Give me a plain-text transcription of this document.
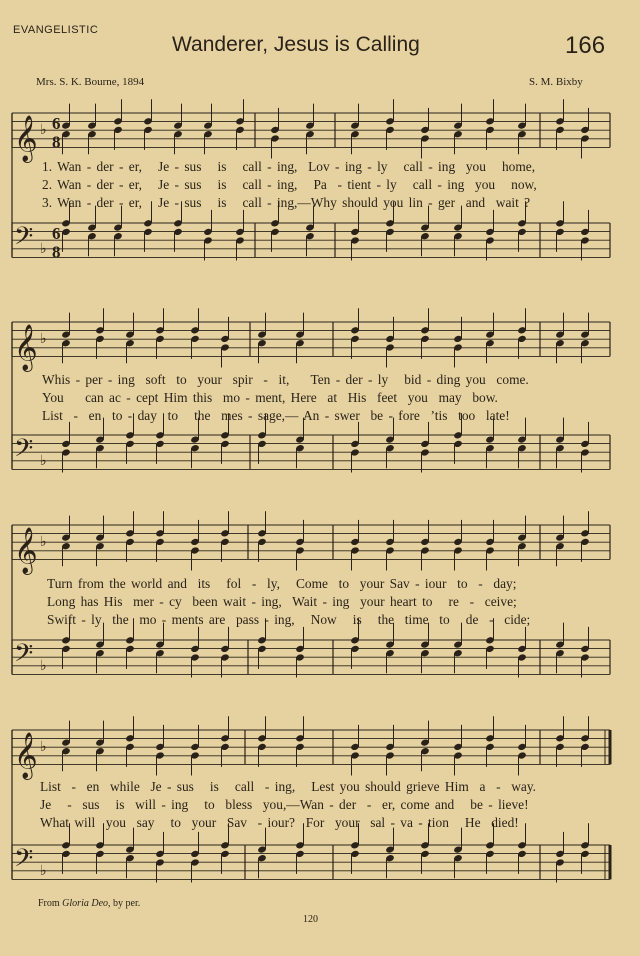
EVANGELISTIC
Wanderer, Jesus is Calling	166
Mrs. S. K. Bourne, 1894	S. M. Bixby
𝄞 ♭ 6
8
𝄢 ♭
6
8
𝄞 ♭
𝄢 ♭
𝄞 ♭
𝄢 ♭
𝄞 ♭
𝄢 ♭
1. Wan - der - er,   Je - sus   is   call - ing,  Lov - ing - ly   call - ing  you   home,
2. Wan - der - er,   Je - sus   is   call - ing,   Pa  - tient - ly   call - ing  you   now,
3. Wan - der - er,   Je - sus   is   call - ing,—Why should you lin - ger  and  wait ?
Whis - per - ing  soft  to  your  spir  -  it,    Ten - der - ly   bid - ding you  come.
You    can ac - cept Him this  mo - ment, Here  at  His  feet  you  may  bow.
List  -  en  to - day  to   the  mes - sage,— An - swer  be - fore  ’tis  too  late!
Turn from the world and  its   fol  -  ly,   Come  to  your Sav - iour  to  -  day;
Long has His  mer - cy  been wait - ing,  Wait - ing  your heart to   re  -  ceive;
Swift - ly  the  mo - ments are  pass - ing,   Now   is   the  time  to   de  -  cide;
List  -  en  while  Je - sus   is   call  - ing,   Lest you should grieve Him  a  -  way.
Je   -  sus   is  will - ing   to  bless  you,—Wan - der  -  er, come and   be - lieve!
What will  you  say   to  your  Sav  - iour?  For  your  sal - va - tion   He  died!
From Gloria Deo, by per.
120
